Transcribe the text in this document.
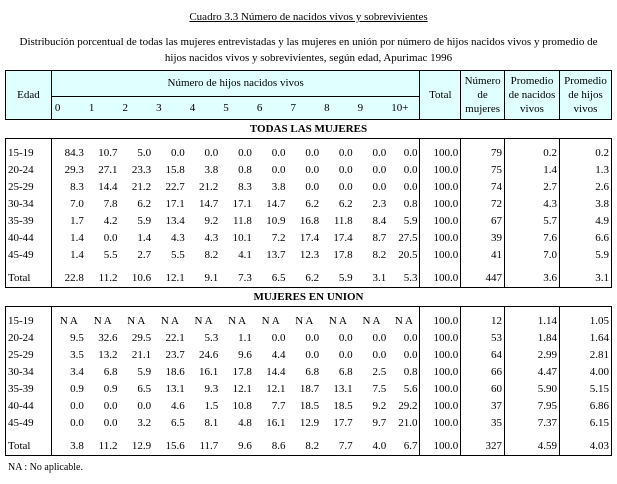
Cuadro 3.3 Número de nacidos vivos y sobrevivientes
Distribución porcentual de todas las mujeres entrevistadas y las mujeres en unión por número de hijos nacidos vivos y promedio de
hijos nacidos vivos y sobrevivientes, según edad, Apurimac 1996
Edad	Número de hijos nacidos vivos											Total	Número de mujeres	Promedio de nacidos vivos	Promedio de hijos vivos
	0	1	2	3	4	5	6	7	8	9	10+				
TODAS LAS MUJERES															

15-19	84.3	10.7	5.0	0.0	0.0	0.0	0.0	0.0	0.0	0.0	0.0	100.0	79	0.2	0.2
20-24	29.3	27.1	23.3	15.8	3.8	0.8	0.0	0.0	0.0	0.0	0.0	100.0	75	1.4	1.3
25-29	8.3	14.4	21.2	22.7	21.2	8.3	3.8	0.0	0.0	0.0	0.0	100.0	74	2.7	2.6
30-34	7.0	7.8	6.2	17.1	14.7	17.1	14.7	6.2	6.2	2.3	0.8	100.0	72	4.3	3.8
35-39	1.7	4.2	5.9	13.4	9.2	11.8	10.9	16.8	11.8	8.4	5.9	100.0	67	5.7	4.9
40-44	1.4	0.0	1.4	4.3	4.3	10.1	7.2	17.4	17.4	8.7	27.5	100.0	39	7.6	6.6
45-49	1.4	5.5	2.7	5.5	8.2	4.1	13.7	12.3	17.8	8.2	20.5	100.0	41	7.0	5.9

Total	22.8	11.2	10.6	12.1	9.1	7.3	6.5	6.2	5.9	3.1	5.3	100.0	447	3.6	3.1
MUJERES EN UNION															

15-19	N A	N A	N A	N A	N A	N A	N A	N A	N A	N A	N A	100.0	12	1.14	1.05
20-24	9.5	32.6	29.5	22.1	5.3	1.1	0.0	0.0	0.0	0.0	0.0	100.0	53	1.84	1.64
25-29	3.5	13.2	21.1	23.7	24.6	9.6	4.4	0.0	0.0	0.0	0.0	100.0	64	2.99	2.81
30-34	3.4	6.8	5.9	18.6	16.1	17.8	14.4	6.8	6.8	2.5	0.8	100.0	66	4.47	4.00
35-39	0.9	0.9	6.5	13.1	9.3	12.1	12.1	18.7	13.1	7.5	5.6	100.0	60	5.90	5.15
40-44	0.0	0.0	0.0	4.6	1.5	10.8	7.7	18.5	18.5	9.2	29.2	100.0	37	7.95	6.86
45-49	0.0	0.0	3.2	6.5	8.1	4.8	16.1	12.9	17.7	9.7	21.0	100.0	35	7.37	6.15

Total	3.8	11.2	12.9	15.6	11.7	9.6	8.6	8.2	7.7	4.0	6.7	100.0	327	4.59	4.03
NA : No aplicable.
